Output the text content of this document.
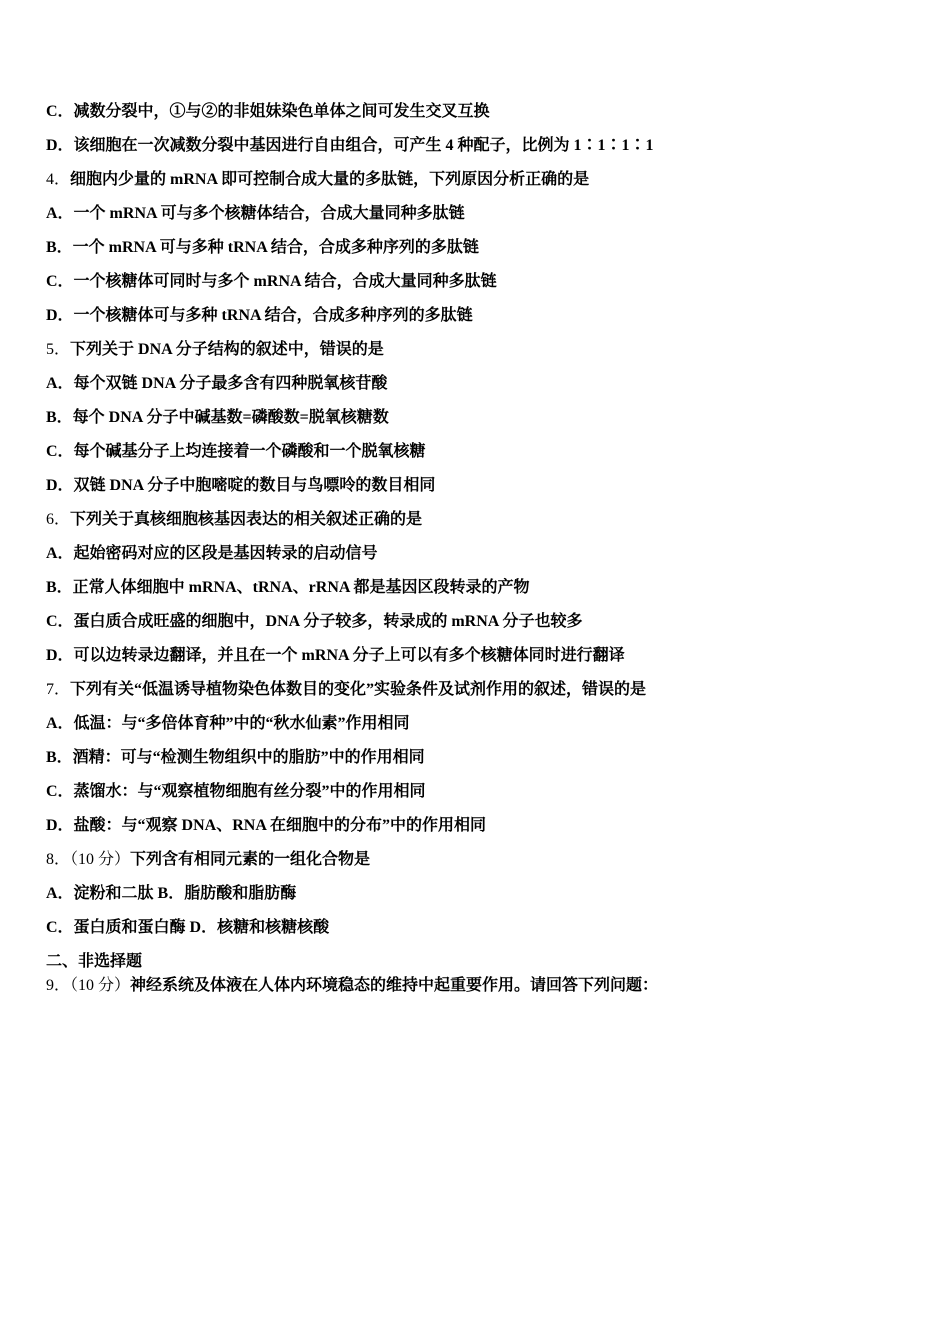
C．减数分裂中，①与②的非姐妹染色单体之间可发生交叉互换
D．该细胞在一次减数分裂中基因进行自由组合，可产生 4 种配子，比例为 1∶1∶1∶1
4．细胞内少量的 mRNA 即可控制合成大量的多肽链，下列原因分析正确的是
A．一个 mRNA 可与多个核糖体结合，合成大量同种多肽链
B．一个 mRNA 可与多种 tRNA 结合，合成多种序列的多肽链
C．一个核糖体可同时与多个 mRNA 结合，合成大量同种多肽链
D．一个核糖体可与多种 tRNA 结合，合成多种序列的多肽链
5．下列关于 DNA 分子结构的叙述中，错误的是
A．每个双链 DNA 分子最多含有四种脱氧核苷酸
B．每个 DNA 分子中碱基数=磷酸数=脱氧核糖数
C．每个碱基分子上均连接着一个磷酸和一个脱氧核糖
D．双链 DNA 分子中胞嘧啶的数目与鸟嘌呤的数目相同
6．下列关于真核细胞核基因表达的相关叙述正确的是
A．起始密码对应的区段是基因转录的启动信号
B．正常人体细胞中 mRNA、tRNA、rRNA 都是基因区段转录的产物
C．蛋白质合成旺盛的细胞中，DNA 分子较多，转录成的 mRNA 分子也较多
D．可以边转录边翻译，并且在一个 mRNA 分子上可以有多个核糖体同时进行翻译
7．下列有关“低温诱导植物染色体数目的变化”实验条件及试剂作用的叙述，错误的是
A．低温：与“多倍体育种”中的“秋水仙素”作用相同
B．酒精：可与“检测生物组织中的脂肪”中的作用相同
C．蒸馏水：与“观察植物细胞有丝分裂”中的作用相同
D．盐酸：与“观察 DNA、RNA 在细胞中的分布”中的作用相同
8．（10 分）下列含有相同元素的一组化合物是
A．淀粉和二肽 B．脂肪酸和脂肪酶
C．蛋白质和蛋白酶 D．核糖和核糖核酸
二、非选择题
9．（10 分）神经系统及体液在人体内环境稳态的维持中起重要作用。请回答下列问题：
